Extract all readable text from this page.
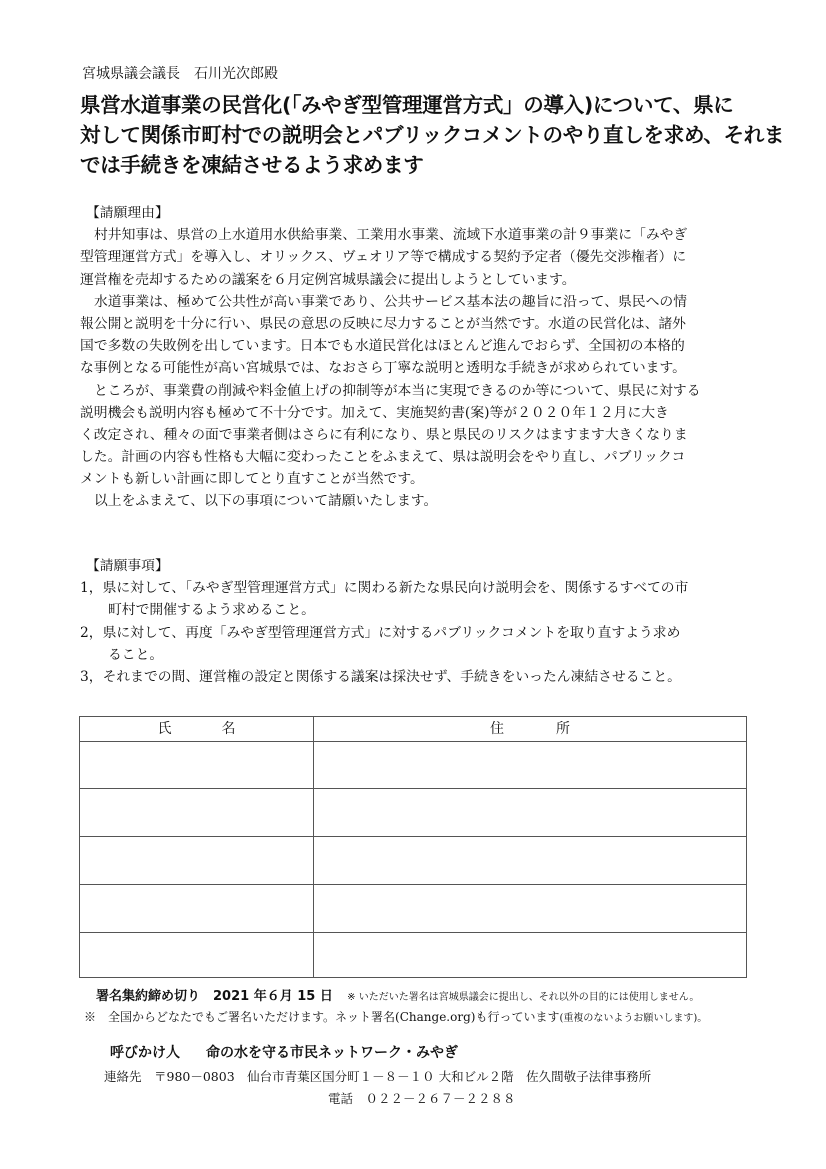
宮城県議会議長　石川光次郎殿
県営水道事業の民営化(「みやぎ型管理運営方式」の導入)について、県に
対して関係市町村での説明会とパブリックコメントのやり直しを求め、それま
では手続きを凍結させるよう求めます
【請願理由】
村井知事は、県営の上水道用水供給事業、工業用水事業、流域下水道事業の計９事業に「みやぎ
型管理運営方式」を導入し、オリックス、ヴェオリア等で構成する契約予定者（優先交渉権者）に
運営権を売却するための議案を６月定例宮城県議会に提出しようとしています。
水道事業は、極めて公共性が高い事業であり、公共サービス基本法の趣旨に沿って、県民への情
報公開と説明を十分に行い、県民の意思の反映に尽力することが当然です。水道の民営化は、諸外
国で多数の失敗例を出しています。日本でも水道民営化はほとんど進んでおらず、全国初の本格的
な事例となる可能性が高い宮城県では、なおさら丁寧な説明と透明な手続きが求められています。
ところが、事業費の削減や料金値上げの抑制等が本当に実現できるのか等について、県民に対する
説明機会も説明内容も極めて不十分です。加えて、実施契約書(案)等が２０２０年１２月に大き
く改定され、種々の面で事業者側はさらに有利になり、県と県民のリスクはますます大きくなりま
した。計画の内容も性格も大幅に変わったことをふまえて、県は説明会をやり直し、パブリックコ
メントも新しい計画に即してとり直すことが当然です。
以上をふまえて、以下の事項について請願いたします。
【請願事項】
1，県に対して、「みやぎ型管理運営方式」に関わる新たな県民向け説明会を、関係するすべての市
町村で開催するよう求めること。
2，県に対して、再度「みやぎ型管理運営方式」に対するパブリックコメントを取り直すよう求め
ること。
3，それまでの間、運営権の設定と関係する議案は採決せず、手続きをいったん凍結させること。
氏名	住所
署名集約締め切り　2021 年６月 15 日 ※ いただいた署名は宮城県議会に提出し、それ以外の目的には使用しません。
※　全国からどなたでもご署名いただけます。ネット署名(Change.org)も行っています(重複のないようお願いします)。
呼びかけ人 命の水を守る市民ネットワーク・みやぎ
連絡先　〒980－0803　仙台市青葉区国分町１－８－１０ 大和ビル２階　佐久間敬子法律事務所
電話　０２２－２６７－２２８８
